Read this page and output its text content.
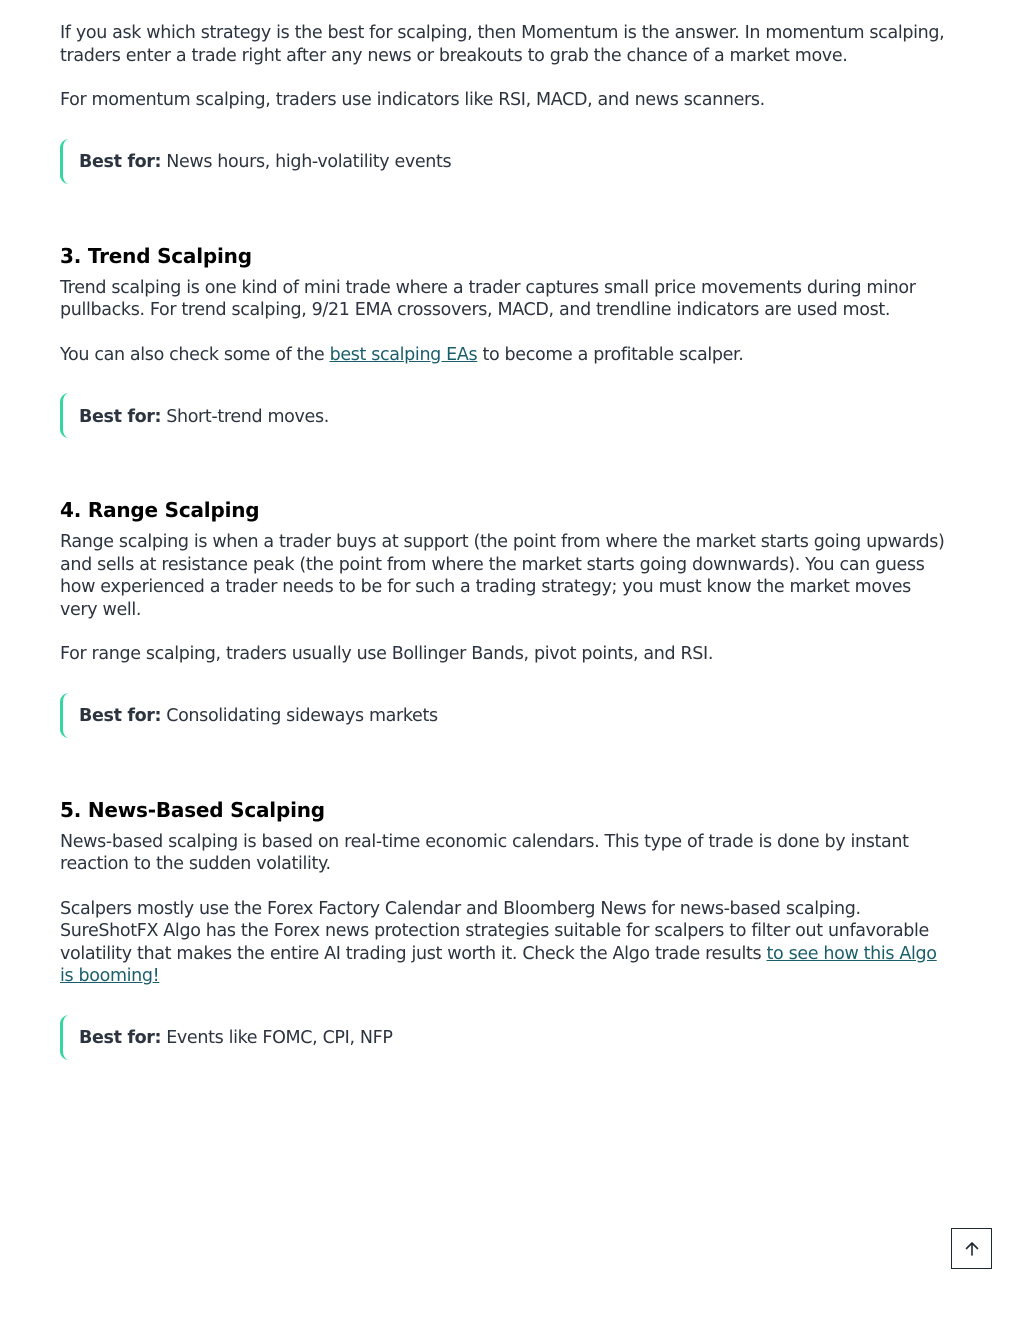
If you ask which strategy is the best for scalping, then Momentum is the answer. In momentum scalping, traders enter a trade right after any news or breakouts to grab the chance of a market move.

For momentum scalping, traders use indicators like RSI, MACD, and news scanners.

Best for: News hours, high-volatility events
3. Trend Scalping

Trend scalping is one kind of mini trade where a trader captures small price movements during minor pullbacks. For trend scalping, 9/21 EMA crossovers, MACD, and trendline indicators are used most.

You can also check some of the best scalping EAs to become a profitable scalper.

Best for: Short-trend moves.
4. Range Scalping

Range scalping is when a trader buys at support (the point from where the market starts going upwards) and sells at resistance peak (the point from where the market starts going downwards). You can guess how experienced a trader needs to be for such a trading strategy; you must know the market moves very well.

For range scalping, traders usually use Bollinger Bands, pivot points, and RSI.

Best for: Consolidating sideways markets
5. News-Based Scalping

News-based scalping is based on real-time economic calendars. This type of trade is done by instant reaction to the sudden volatility.

Scalpers mostly use the Forex Factory Calendar and Bloomberg News for news-based scalping. SureShotFX Algo has the Forex news protection strategies suitable for scalpers to filter out unfavorable volatility that makes the entire AI trading just worth it. Check the Algo trade results to see how this Algo is booming!

Best for: Events like FOMC, CPI, NFP
